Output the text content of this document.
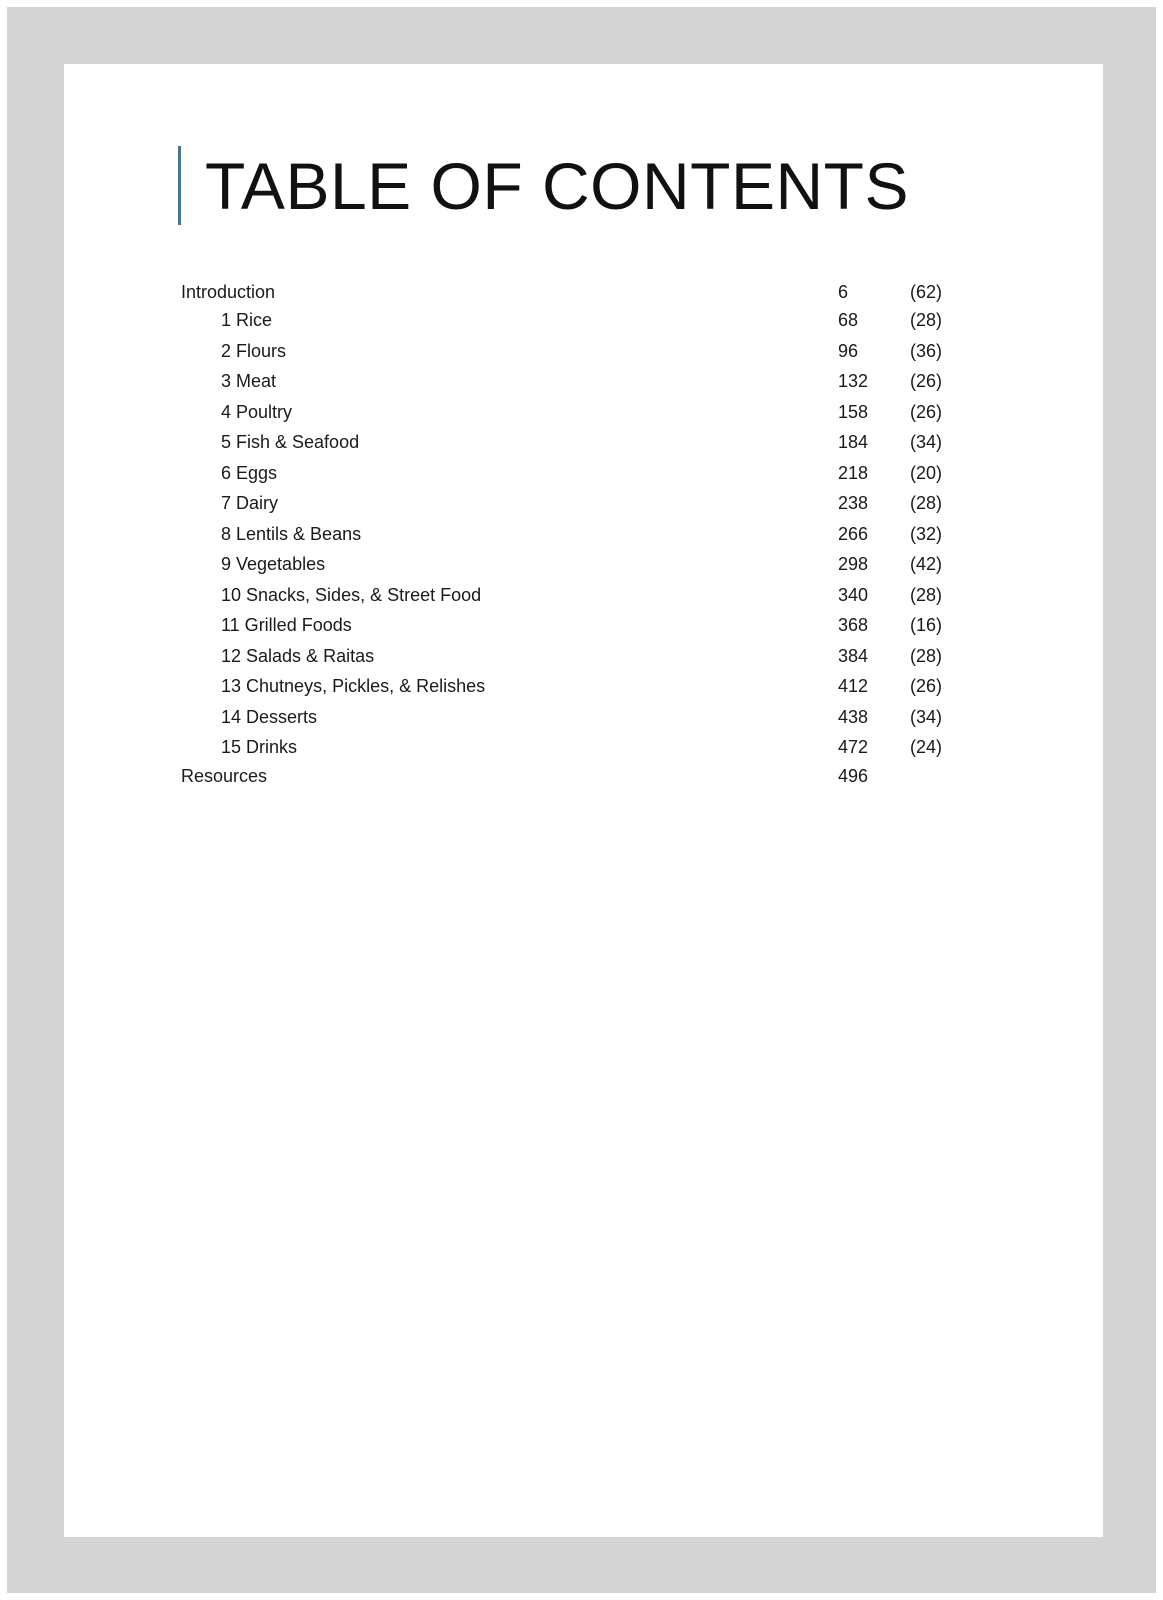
TABLE OF CONTENTS
Introduction	6	(62)
1 Rice	68	(28)
2 Flours	96	(36)
3 Meat	132 (26)
4 Poultry	158 (26)
5 Fish & Seafood	184 (34)
6 Eggs	218 (20)
7 Dairy	238 (28)
8 Lentils & Beans	266 (32)
9 Vegetables	298 (42)
10 Snacks, Sides, & Street Food	340 (28)
11 Grilled Foods	368 (16)
12 Salads & Raitas	384 (28)
13 Chutneys, Pickles, & Relishes	412 (26)
14 Desserts	438 (34)
15 Drinks	472 (24)
Resources	496
